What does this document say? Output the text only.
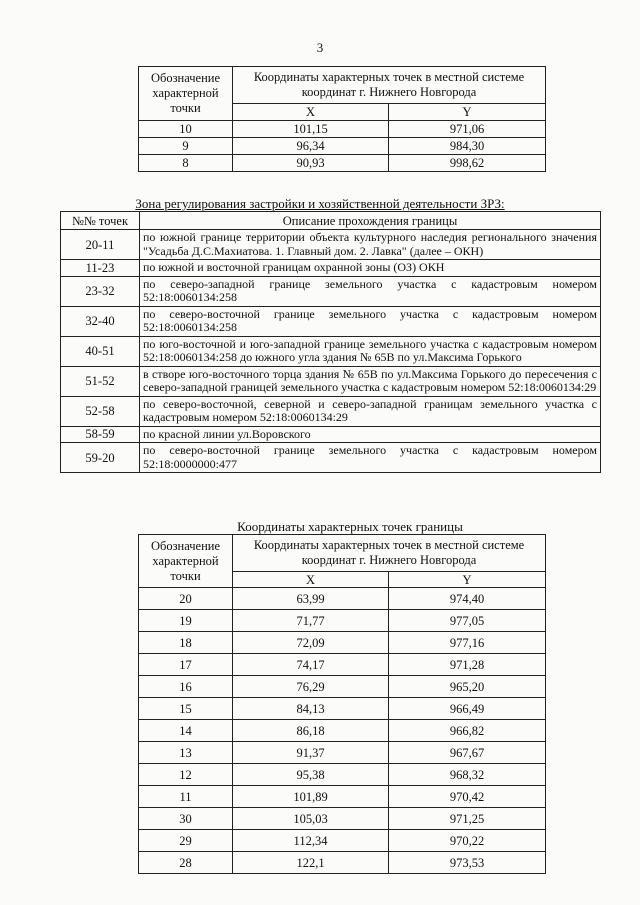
3
Обозначение характерной точки	Координаты характерных точек в местной системе координат г. Нижнего Новгорода	
	X	Y
10	101,15	971,06
9	96,34	984,30
8	90,93	998,62
Зона регулирования застройки и хозяйственной деятельности ЗРЗ:
№№ точек	Описание прохождения границы
20-11	по южной границе территории объекта культурного наследия регионального значения "Усадьба Д.С.Махиатова. 1. Главный дом. 2. Лавка" (далее – ОКН)
11-23	по южной и восточной границам охранной зоны (ОЗ) ОКН
23-32	по северо-западной границе земельного участка с кадастровым номером 52:18:0060134:258
32-40	по северо-восточной границе земельного участка с кадастровым номером 52:18:0060134:258
40-51	по юго-восточной и юго-западной границе земельного участка с кадастровым номером 52:18:0060134:258 до южного угла здания № 65В по ул.Максима Горького
51-52	в створе юго-восточного торца здания № 65В по ул.Максима Горького до пересечения с северо-западной границей земельного участка с кадастровым номером 52:18:0060134:29
52-58	по северо-восточной, северной и северо-западной границам земельного участка с кадастровым номером 52:18:0060134:29
58-59	по красной линии ул.Воровского
59-20	по северо-восточной границе земельного участка с кадастровым номером 52:18:0000000:477
Координаты характерных точек границы
Обозначение характерной точки	Координаты характерных точек в местной системе координат г. Нижнего Новгорода	
	X	Y
20	63,99	974,40
19	71,77	977,05
18	72,09	977,16
17	74,17	971,28
16	76,29	965,20
15	84,13	966,49
14	86,18	966,82
13	91,37	967,67
12	95,38	968,32
11	101,89	970,42
30	105,03	971,25
29	112,34	970,22
28	122,1	973,53
